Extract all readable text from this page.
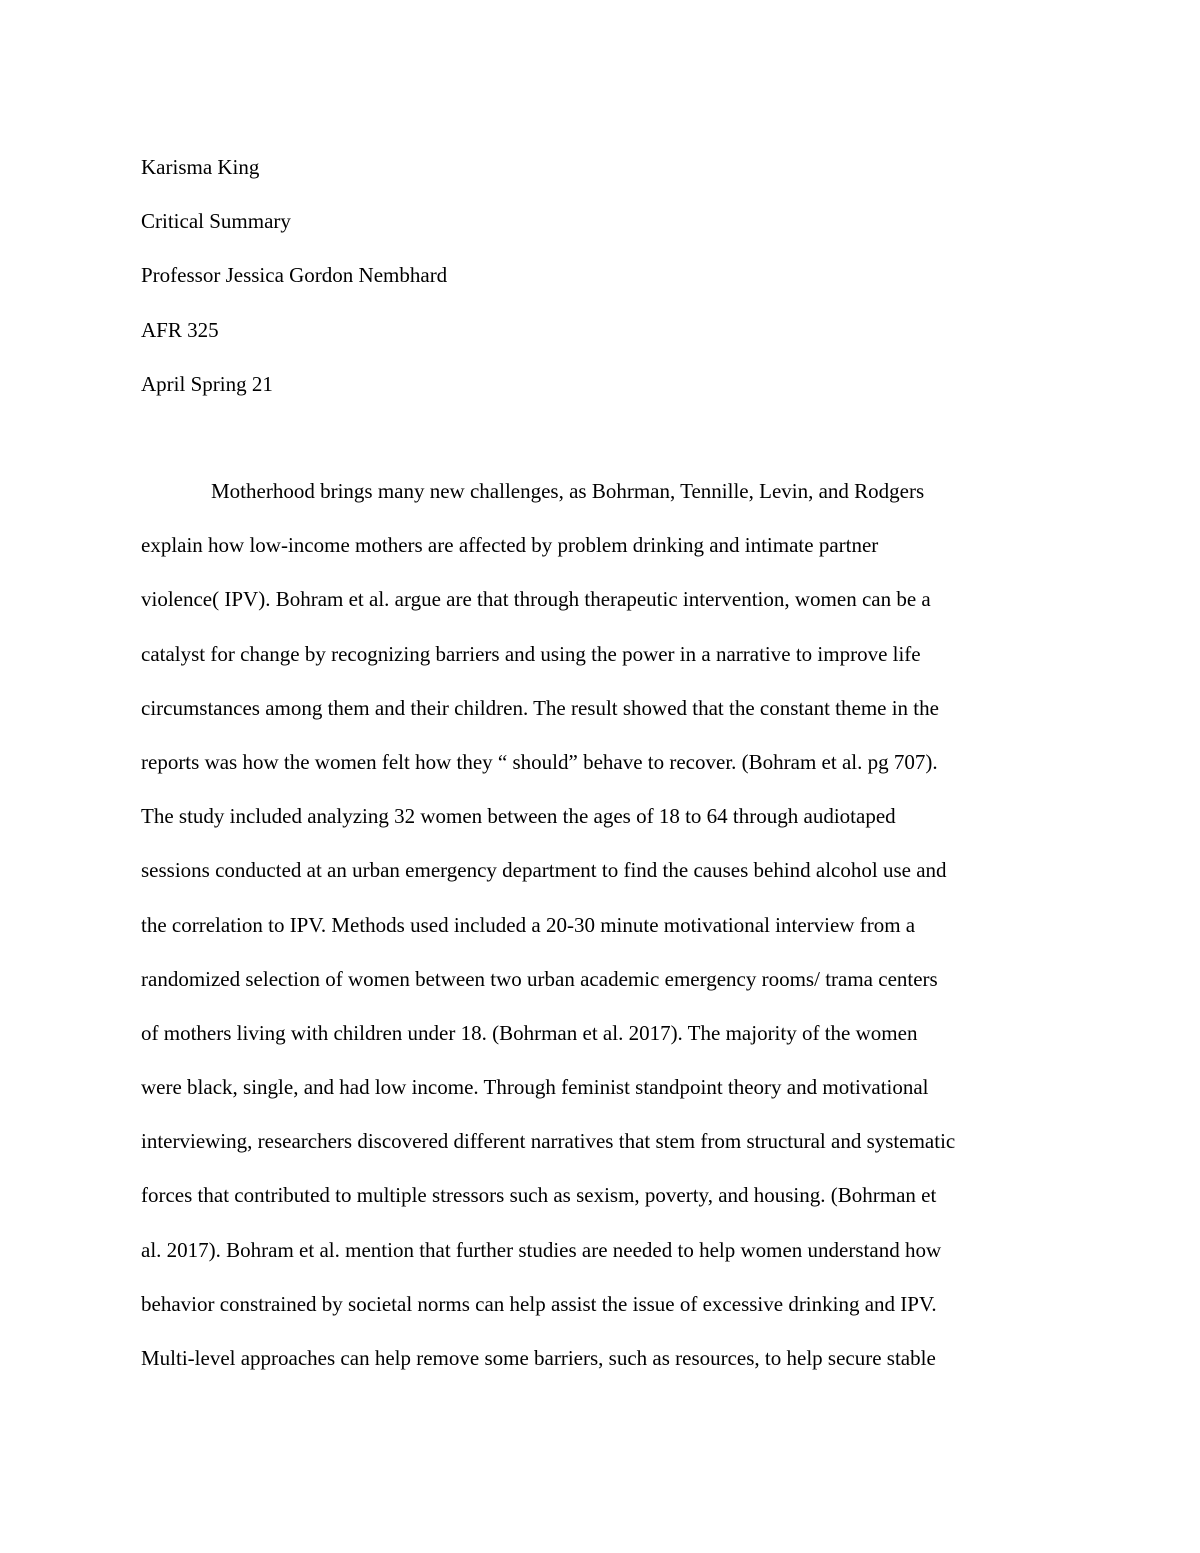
Karisma King
Critical Summary
Professor Jessica Gordon Nembhard
AFR 325
April Spring 21
Motherhood brings many new challenges, as Bohrman, Tennille, Levin, and Rodgers
explain how low-income mothers are affected by problem drinking and intimate partner
violence( IPV). Bohram et al. argue are that through therapeutic intervention, women can be a
catalyst for change by recognizing barriers and using the power in a narrative to improve life
circumstances among them and their children. The result showed that the constant theme in the
reports was how the women felt how they “ should” behave to recover. (Bohram et al. pg 707).
The study included analyzing 32 women between the ages of 18 to 64 through audiotaped
sessions conducted at an urban emergency department to find the causes behind alcohol use and
the correlation to IPV. Methods used included a 20-30 minute motivational interview from a
randomized selection of women between two urban academic emergency rooms/ trama centers
of mothers living with children under 18. (Bohrman et al. 2017). The majority of the women
were black, single, and had low income. Through feminist standpoint theory and motivational
interviewing, researchers discovered different narratives that stem from structural and systematic
forces that contributed to multiple stressors such as sexism, poverty, and housing. (Bohrman et
al. 2017). Bohram et al. mention that further studies are needed to help women understand how
behavior constrained by societal norms can help assist the issue of excessive drinking and IPV.
Multi-level approaches can help remove some barriers, such as resources, to help secure stable
